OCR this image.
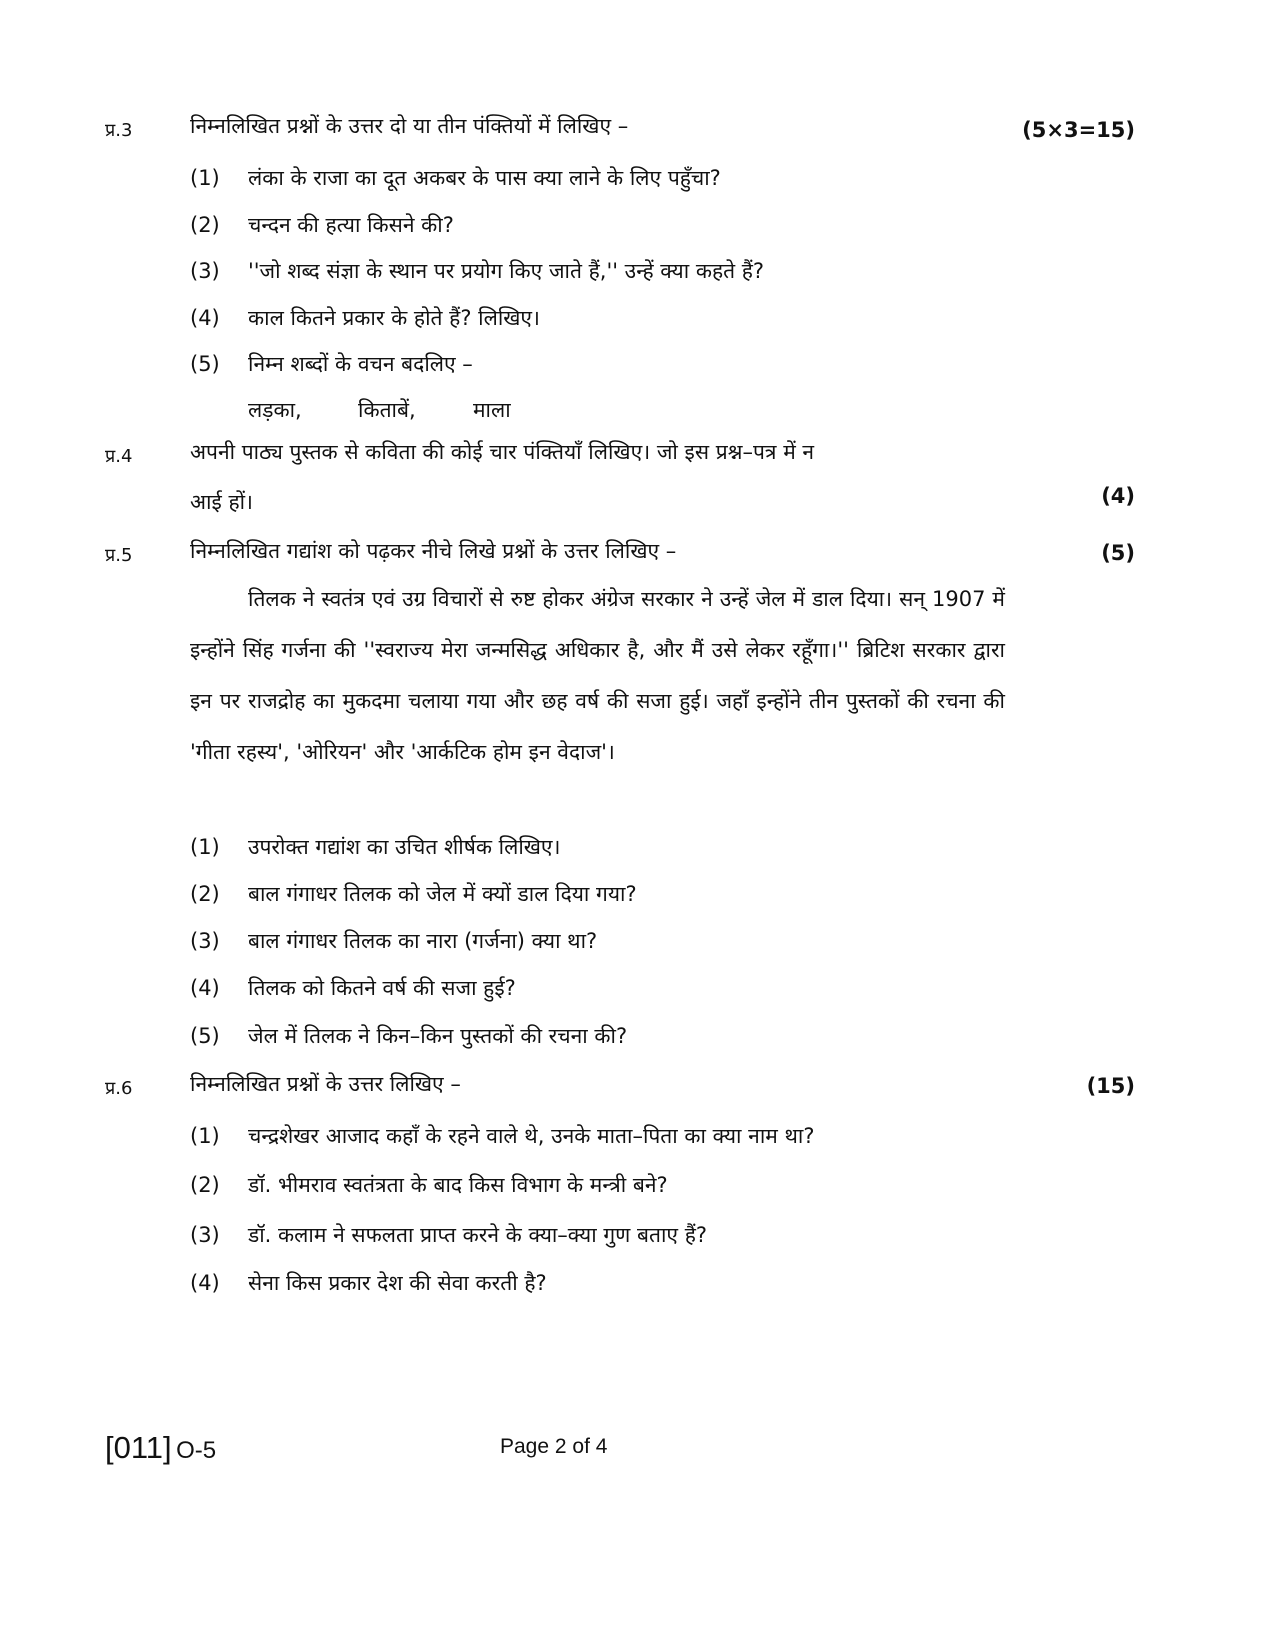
प्र.3	निम्नलिखित प्रश्नों के उत्तर दो या तीन पंक्तियों में लिखिए –	(5×3=15)
(1) लंका के राजा का दूत अकबर के पास क्या लाने के लिए पहुँचा?
(2) चन्दन की हत्या किसने की?
(3) ''जो शब्द संज्ञा के स्थान पर प्रयोग किए जाते हैं,'' उन्हें क्या कहते हैं?
(4) काल कितने प्रकार के होते हैं? लिखिए।
(5) निम्न शब्दों के वचन बदलिए –
लड़का,	किताबें,	माला
प्र.4	अपनी पाठ्य पुस्तक से कविता की कोई चार पंक्तियाँ लिखिए। जो इस प्रश्न–पत्र में न
आई हों।	(4)
प्र.5	निम्नलिखित गद्यांश को पढ़कर नीचे लिखे प्रश्नों के उत्तर लिखिए –	(5)
तिलक ने स्वतंत्र एवं उग्र विचारों से रुष्ट होकर अंग्रेज सरकार ने उन्हें जेल में डाल दिया। सन् 1907 में इन्होंने सिंह गर्जना की ''स्वराज्य मेरा जन्मसिद्ध अधिकार है, और मैं उसे लेकर रहूँगा।'' ब्रिटिश सरकार द्वारा इन पर राजद्रोह का मुकदमा चलाया गया और छह वर्ष की सजा हुई। जहाँ इन्होंने तीन पुस्तकों की रचना की 'गीता रहस्य', 'ओरियन' और 'आर्कटिक होम इन वेदाज'।
(1) उपरोक्त गद्यांश का उचित शीर्षक लिखिए।
(2) बाल गंगाधर तिलक को जेल में क्यों डाल दिया गया?
(3) बाल गंगाधर तिलक का नारा (गर्जना) क्या था?
(4) तिलक को कितने वर्ष की सजा हुई?
(5) जेल में तिलक ने किन–किन पुस्तकों की रचना की?
प्र.6	निम्नलिखित प्रश्नों के उत्तर लिखिए –	(15)
(1) चन्द्रशेखर आजाद कहाँ के रहने वाले थे, उनके माता–पिता का क्या नाम था?
(2) डॉ. भीमराव स्वतंत्रता के बाद किस विभाग के मन्त्री बने?
(3) डॉ. कलाम ने सफलता प्राप्त करने के क्या–क्या गुण बताए हैं?
(4) सेना किस प्रकार देश की सेवा करती है?
[011] O-5	Page 2 of 4
